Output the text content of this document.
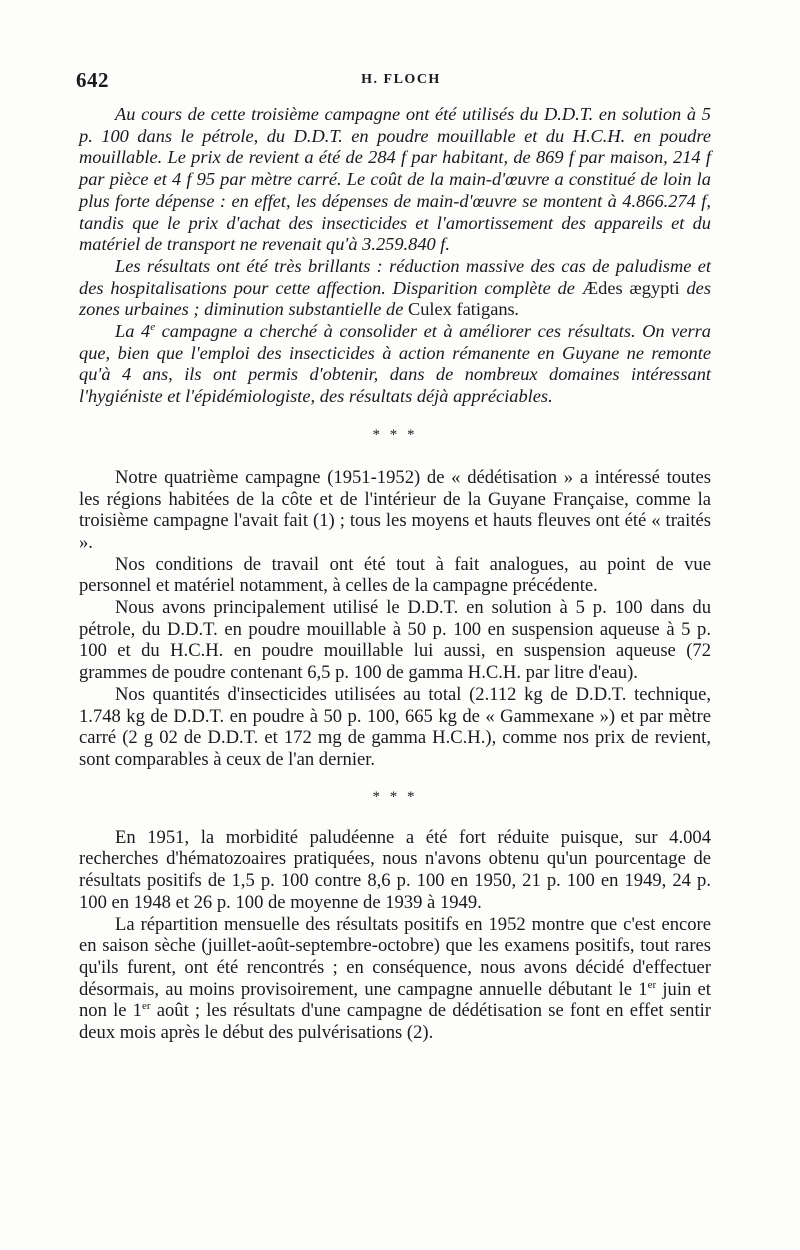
642	H. FLOCH

Au cours de cette troisième campagne ont été utilisés du D.D.T. en solution à 5 p. 100 dans le pétrole, du D.D.T. en poudre mouillable et du H.C.H. en poudre mouillable. Le prix de revient a été de 284 f par habitant, de 869 f par maison, 214 f par pièce et 4 f 95 par mètre carré. Le coût de la main-d'œuvre a constitué de loin la plus forte dépense : en effet, les dépenses de main-d'œuvre se montent à 4.866.274 f, tandis que le prix d'achat des insecticides et l'amortissement des appareils et du matériel de transport ne revenait qu'à 3.259.840 f.

Les résultats ont été très brillants : réduction massive des cas de paludisme et des hospitalisations pour cette affection. Disparition complète de Ædes ægypti des zones urbaines ; diminution substantielle de Culex fatigans.

La 4e campagne a cherché à consolider et à améliorer ces résultats. On verra que, bien que l'emploi des insecticides à action rémanente en Guyane ne remonte qu'à 4 ans, ils ont permis d'obtenir, dans de nombreux domaines intéressant l'hygiéniste et l'épidémiologiste, des résultats déjà appréciables.

* * *

Notre quatrième campagne (1951-1952) de « dédétisation » a intéressé toutes les régions habitées de la côte et de l'intérieur de la Guyane Française, comme la troisième campagne l'avait fait (1) ; tous les moyens et hauts fleuves ont été « traités ».

Nos conditions de travail ont été tout à fait analogues, au point de vue personnel et matériel notamment, à celles de la campagne précédente.

Nous avons principalement utilisé le D.D.T. en solution à 5 p. 100 dans du pétrole, du D.D.T. en poudre mouillable à 50 p. 100 en suspension aqueuse à 5 p. 100 et du H.C.H. en poudre mouillable lui aussi, en suspension aqueuse (72 grammes de poudre contenant 6,5 p. 100 de gamma H.C.H. par litre d'eau).

Nos quantités d'insecticides utilisées au total (2.112 kg de D.D.T. technique, 1.748 kg de D.D.T. en poudre à 50 p. 100, 665 kg de « Gammexane ») et par mètre carré (2 g 02 de D.D.T. et 172 mg de gamma H.C.H.), comme nos prix de revient, sont comparables à ceux de l'an dernier.

* * *

En 1951, la morbidité paludéenne a été fort réduite puisque, sur 4.004 recherches d'hématozoaires pratiquées, nous n'avons obtenu qu'un pourcentage de résultats positifs de 1,5 p. 100 contre 8,6 p. 100 en 1950, 21 p. 100 en 1949, 24 p. 100 en 1948 et 26 p. 100 de moyenne de 1939 à 1949.

La répartition mensuelle des résultats positifs en 1952 montre que c'est encore en saison sèche (juillet-août-septembre-octobre) que les examens positifs, tout rares qu'ils furent, ont été rencontrés ; en conséquence, nous avons décidé d'effectuer désormais, au moins provisoirement, une campagne annuelle débutant le 1er juin et non le 1er août ; les résultats d'une campagne de dédétisation se font en effet sentir deux mois après le début des pulvérisations (2).
